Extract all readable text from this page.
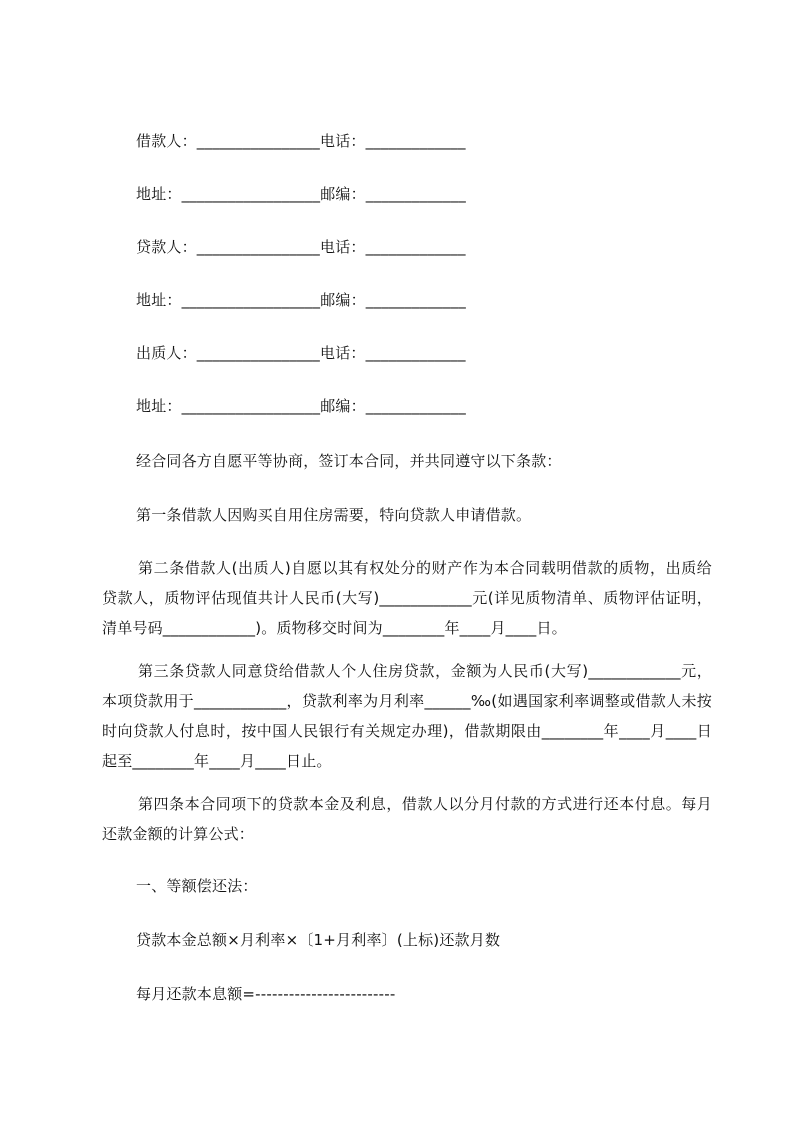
借款人：________________电话：_____________
地址：__________________邮编：_____________
贷款人：________________电话：_____________
地址：__________________邮编：_____________
出质人：________________电话：_____________
地址：__________________邮编：_____________
经合同各方自愿平等协商，签订本合同，并共同遵守以下条款：
第一条借款人因购买自用住房需要，特向贷款人申请借款。
第二条借款人(出质人)自愿以其有权处分的财产作为本合同载明借款的质物，出质给贷款人，质物评估现值共计人民币(大写)____________元(详见质物清单、质物评估证明，清单号码____________)。质物移交时间为________年____月____日。
第三条贷款人同意贷给借款人个人住房贷款，金额为人民币(大写)____________元，本项贷款用于____________，贷款利率为月利率______‰(如遇国家利率调整或借款人未按时向贷款人付息时，按中国人民银行有关规定办理)，借款期限由________年____月____日起至________年____月____日止。
第四条本合同项下的贷款本金及利息，借款人以分月付款的方式进行还本付息。每月还款金额的计算公式：
一、等额偿还法：
贷款本金总额×月利率×〔1+月利率〕(上标)还款月数
每月还款本息额=-------------------------
